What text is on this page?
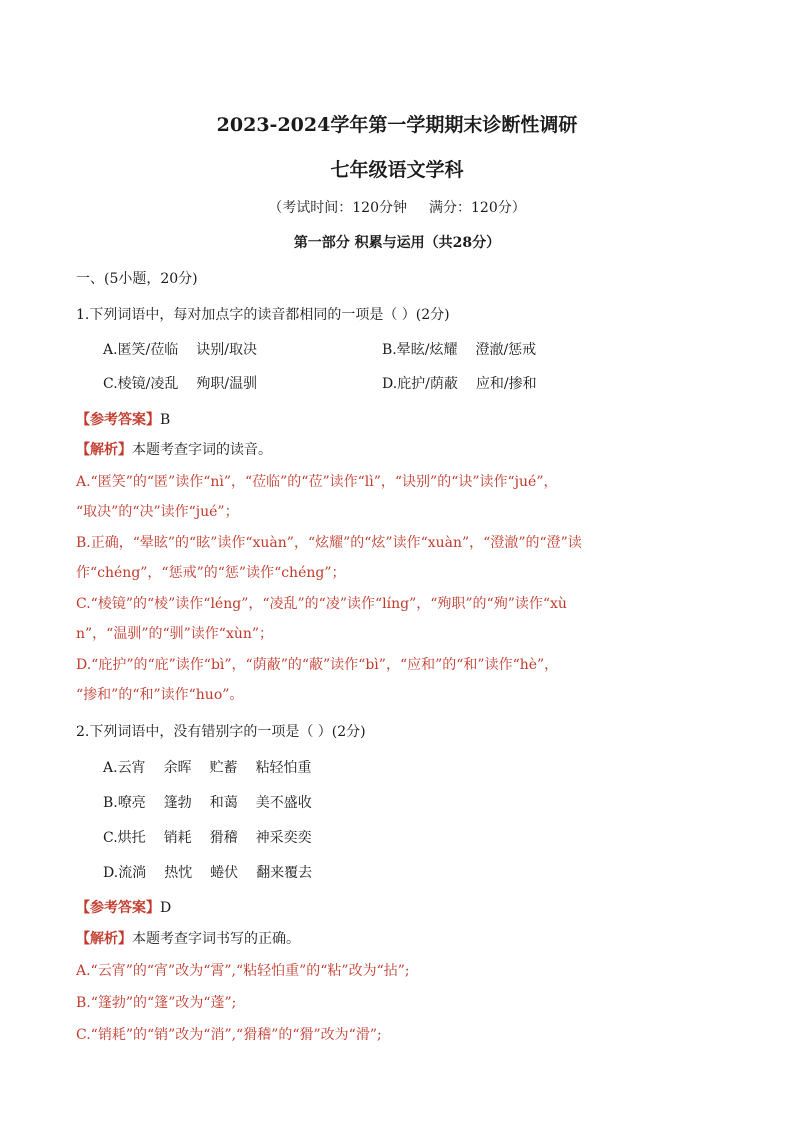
2023-2024学年第一学期期末诊断性调研
七年级语文学科
（考试时间：120分钟 满分：120分）
第一部分 积累与运用（共28分）
一、(5小题，20分)
1.下列词语中，每对加点字的读音都相同的一项是（ ）(2分)
A.匿笑/莅临 诀别/取决	B.晕眩/炫耀 澄澈/惩戒
C.棱镜/凌乱 殉职/温驯	D.庇护/荫蔽 应和/掺和
【参考答案】B
【解析】本题考查字词的读音。
A.“匿笑”的“匿”读作“nì”，“莅临”的“莅”读作“lì”，“诀别”的“诀”读作“jué”，
“取决”的“决”读作“jué”；
B.正确，“晕眩”的“眩”读作“xuàn”，“炫耀”的“炫”读作“xuàn”，“澄澈”的“澄”读
作“chéng”，“惩戒”的“惩”读作“chéng”；
C.“棱镜”的“棱”读作“léng”，“凌乱”的“凌”读作“líng”，“殉职”的“殉”读作“xù
n”，“温驯”的“驯”读作“xùn”；
D.“庇护”的“庇”读作“bì”，“荫蔽”的“蔽”读作“bì”，“应和”的“和”读作“hè”，
“掺和”的“和”读作“huo”。
2.下列词语中，没有错别字的一项是（ ）(2分)
A.云宵 余晖 贮蓄 粘轻怕重
B.嘹亮 篷勃 和蔼 美不盛收
C.烘托 销耗 猾稽 神采奕奕
D.流淌 热忱 蜷伏 翻来覆去
【参考答案】D
【解析】本题考查字词书写的正确。
A.“云宵”的“宵”改为“霄”,“粘轻怕重”的“粘”改为“拈”;
B.“篷勃”的“篷”改为“蓬”;
C.“销耗”的“销”改为“消”,“猾稽”的“猾”改为“滑”;
